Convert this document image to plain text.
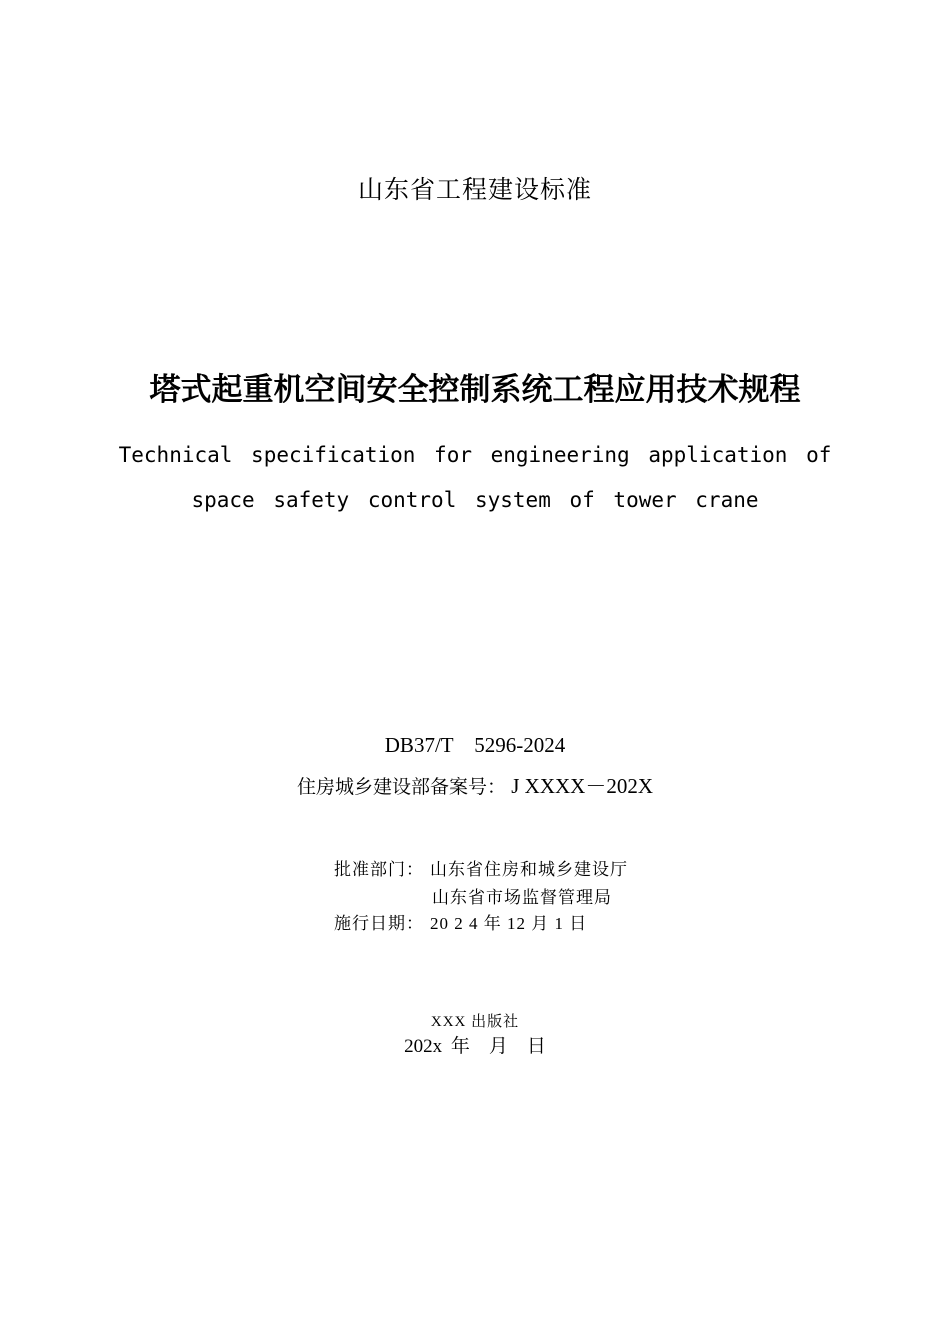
山东省工程建设标准
塔式起重机空间安全控制系统工程应用技术规程
Technical specification for engineering application of
space safety control system of tower crane
DB37/T　5296-2024
住房城乡建设部备案号： J XXXX－202X
批准部门： 山东省住房和城乡建设厅
山东省市场监督管理局
施行日期： 20 2 4 年 12 月 1 日
XXX 出版社
202x 年　月　日
